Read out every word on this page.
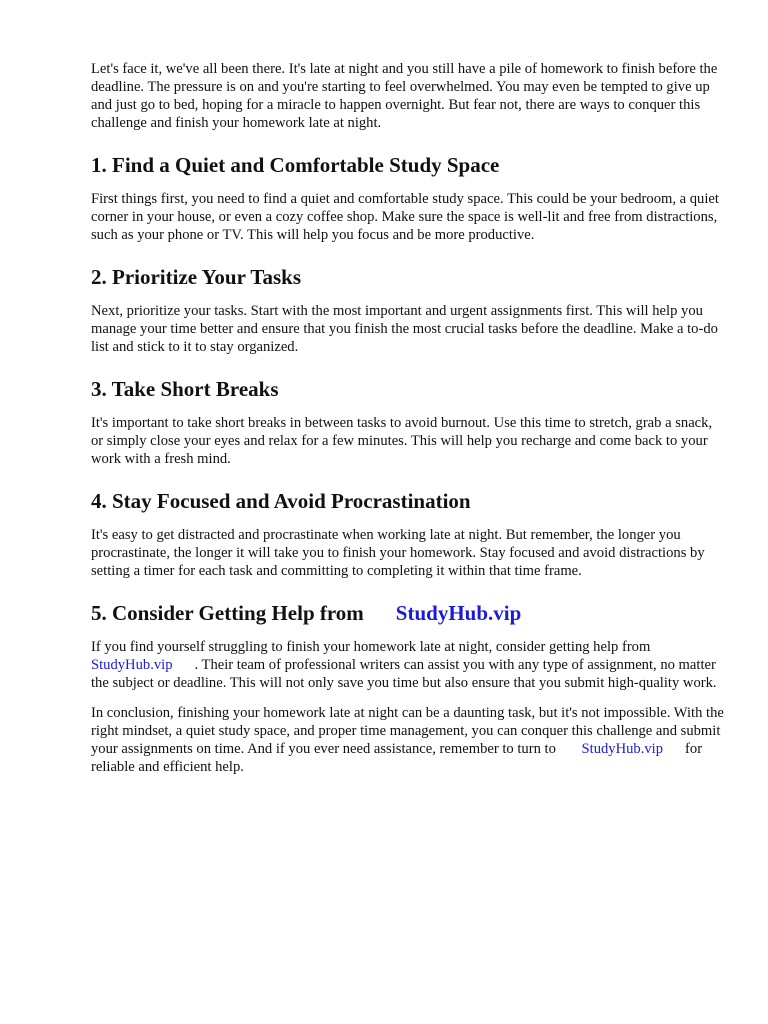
Let's face it, we've all been there. It's late at night and you still have a pile of homework to finish before the deadline. The pressure is on and you're starting to feel overwhelmed. You may even be tempted to give up and just go to bed, hoping for a miracle to happen overnight. But fear not, there are ways to conquer this challenge and finish your homework late at night.

1. Find a Quiet and Comfortable Study Space

First things first, you need to find a quiet and comfortable study space. This could be your bedroom, a quiet corner in your house, or even a cozy coffee shop. Make sure the space is well-lit and free from distractions, such as your phone or TV. This will help you focus and be more productive.

2. Prioritize Your Tasks

Next, prioritize your tasks. Start with the most important and urgent assignments first. This will help you manage your time better and ensure that you finish the most crucial tasks before the deadline. Make a to-do list and stick to it to stay organized.

3. Take Short Breaks

It's important to take short breaks in between tasks to avoid burnout. Use this time to stretch, grab a snack, or simply close your eyes and relax for a few minutes. This will help you recharge and come back to your work with a fresh mind.

4. Stay Focused and Avoid Procrastination

It's easy to get distracted and procrastinate when working late at night. But remember, the longer you procrastinate, the longer it will take you to finish your homework. Stay focused and avoid distractions by setting a timer for each task and committing to completing it within that time frame.

5. Consider Getting Help from StudyHub.vip

If you find yourself struggling to finish your homework late at night, consider getting help from StudyHub.vip . Their team of professional writers can assist you with any type of assignment, no matter the subject or deadline. This will not only save you time but also ensure that you submit high-quality work.

In conclusion, finishing your homework late at night can be a daunting task, but it's not impossible. With the right mindset, a quiet study space, and proper time management, you can conquer this challenge and submit your assignments on time. And if you ever need assistance, remember to turn to StudyHub.vip for reliable and efficient help.
